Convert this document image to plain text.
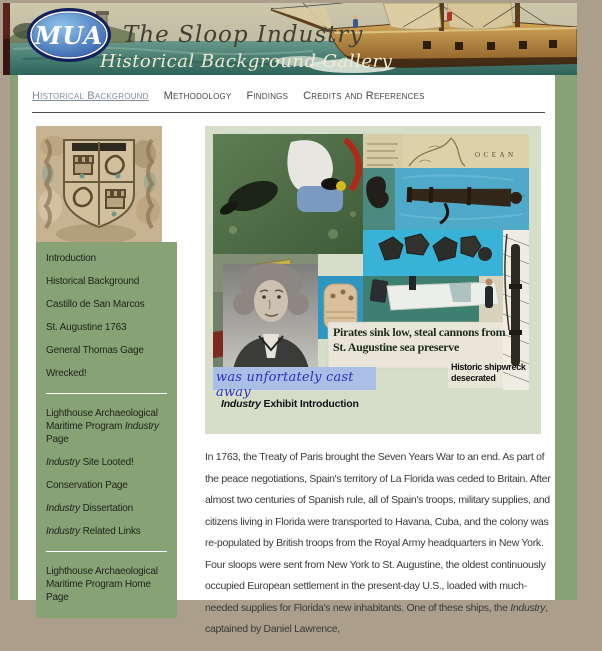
MUA The Sloop Industry
Historical Background Gallery
Historical Background Methodology Findings Credits and References
Introduction
Historical Background
Castillo de San Marcos
St. Augustine 1763
General Thomas Gage
Wrecked!
Lighthouse Archaeological Maritime Program Industry Page
Industry Site Looted!
Conservation Page
Industry Dissertation
Industry Related Links
Lighthouse Archaeological Maritime Program Home Page
OCEAN
Pirates sink low, steal cannons from St. Augustine sea preserve
Historic shipwreck desecrated
was unfortately cast away
Industry Exhibit Introduction

In 1763, the Treaty of Paris brought the Seven Years War to an end. As part of the peace negotiations, Spain's territory of La Florida was ceded to Britain. After almost two centuries of Spanish rule, all of Spain's troops, military supplies, and citizens living in Florida were transported to Havana, Cuba, and the colony was re-populated by British troops from the Royal Army headquarters in New York. Four sloops were sent from New York to St. Augustine, the oldest continuously occupied European settlement in the present-day U.S., loaded with much-needed supplies for Florida's new inhabitants. One of these ships, the Industry, captained by Daniel Lawrence,
